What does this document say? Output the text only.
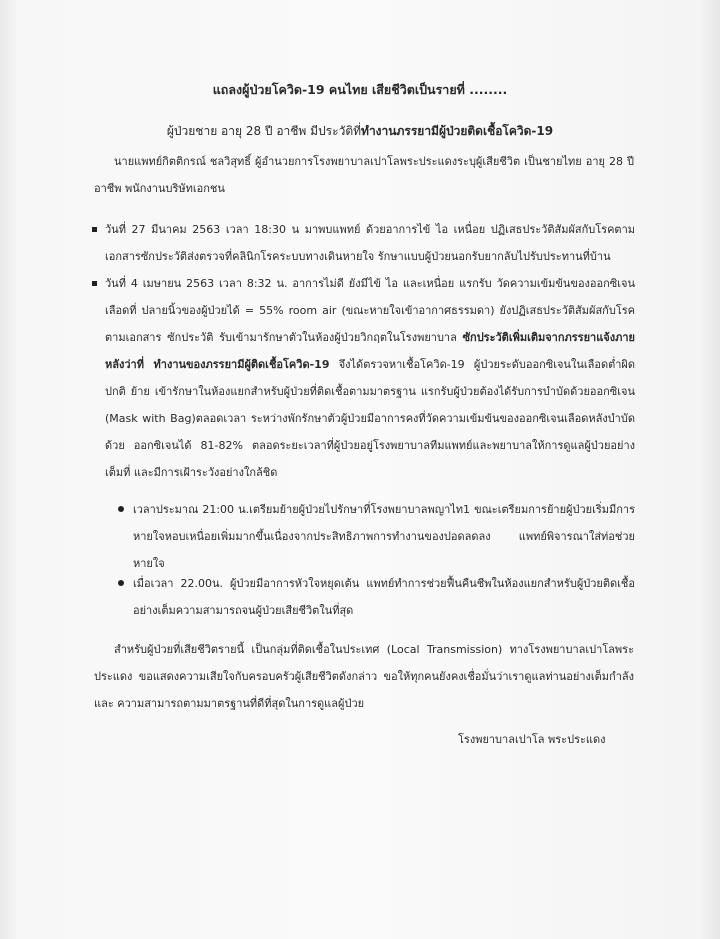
แถลงผู้ป่วยโควิด-19 คนไทย เสียชีวิตเป็นรายที่ ........
ผู้ป่วยชาย อายุ 28 ปี อาชีพ มีประวัติที่ทำงานภรรยามีผู้ป่วยติดเชื้อโควิด-19
นายแพทย์กิตติกรณ์ ชลวิสุทธิ์ ผู้อำนวยการโรงพยาบาลเปาโลพระประแดงระบุผู้เสียชีวิต เป็นชายไทย อายุ 28 ปี อาชีพ พนักงานบริษัทเอกชน
วันที่ 27 มีนาคม 2563 เวลา 18:30 น มาพบแพทย์ ด้วยอาการไข้ ไอ เหนื่อย ปฏิเสธประวัติสัมผัสกับโรคตาม เอกสารซักประวัติส่งตรวจที่คลินิกโรคระบบทางเดินหายใจ รักษาแบบผู้ป่วยนอกรับยากลับไปรับประทานที่บ้าน
วันที่ 4 เมษายน 2563 เวลา 8:32 น. อาการไม่ดี ยังมีไข้ ไอ และเหนื่อย แรกรับ วัดความเข้มข้นของออกซิเจนเลือดที่ ปลายนิ้วของผู้ป่วยได้ = 55% room air (ขณะหายใจเข้าอากาศธรรมดา) ยังปฏิเสธประวัติสัมผัสกับโรคตามเอกสาร ซักประวัติ รับเข้ามารักษาตัวในห้องผู้ป่วยวิกฤตในโรงพยาบาล ซักประวัติเพิ่มเติมจากภรรยาแจ้งภายหลังว่าที่ ทำงานของภรรยามีผู้ติดเชื้อโควิด-19 จึงได้ตรวจหาเชื้อโควิด-19 ผู้ป่วยระดับออกซิเจนในเลือดต่ำผิดปกติ ย้าย เข้ารักษาในห้องแยกสำหรับผู้ป่วยที่ติดเชื้อตามมาตรฐาน แรกรับผู้ป่วยต้องได้รับการบำบัดด้วยออกซิเจน (Mask with Bag)ตลอดเวลา ระหว่างพักรักษาตัวผู้ป่วยมีอาการคงที่วัดความเข้มข้นของออกซิเจนเลือดหลังบำบัดด้วย ออกซิเจนได้ 81-82% ตลอดระยะเวลาที่ผู้ป่วยอยู่โรงพยาบาลทีมแพทย์และพยาบาลให้การดูแลผู้ป่วยอย่างเต็มที่ และมีการเฝ้าระวังอย่างใกล้ชิด
เวลาประมาณ 21:00 น.เตรียมย้ายผู้ป่วยไปรักษาที่โรงพยาบาลพญาไท1 ขณะเตรียมการย้ายผู้ป่วยเริ่มมีการ หายใจหอบเหนื่อยเพิ่มมากขึ้นเนื่องจากประสิทธิภาพการทำงานของปอดลดลง แพทย์พิจารณาใส่ท่อช่วย หายใจ
เมื่อเวลา 22.00น. ผู้ป่วยมีอาการหัวใจหยุดเต้น แพทย์ทำการช่วยฟื้นคืนชีพในห้องแยกสำหรับผู้ป่วยติดเชื้อ อย่างเต็มความสามารถจนผู้ป่วยเสียชีวิตในที่สุด
สำหรับผู้ป่วยที่เสียชีวิตรายนี้ เป็นกลุ่มที่ติดเชื้อในประเทศ (Local Transmission) ทางโรงพยาบาลเปาโลพระ ประแดง ขอแสดงความเสียใจกับครอบครัวผู้เสียชีวิตดังกล่าว ขอให้ทุกคนยังคงเชื่อมั่นว่าเราดูแลท่านอย่างเต็มกำลังและ ความสามารถตามมาตรฐานที่ดีที่สุดในการดูแลผู้ป่วย
โรงพยาบาลเปาโล พระประแดง
